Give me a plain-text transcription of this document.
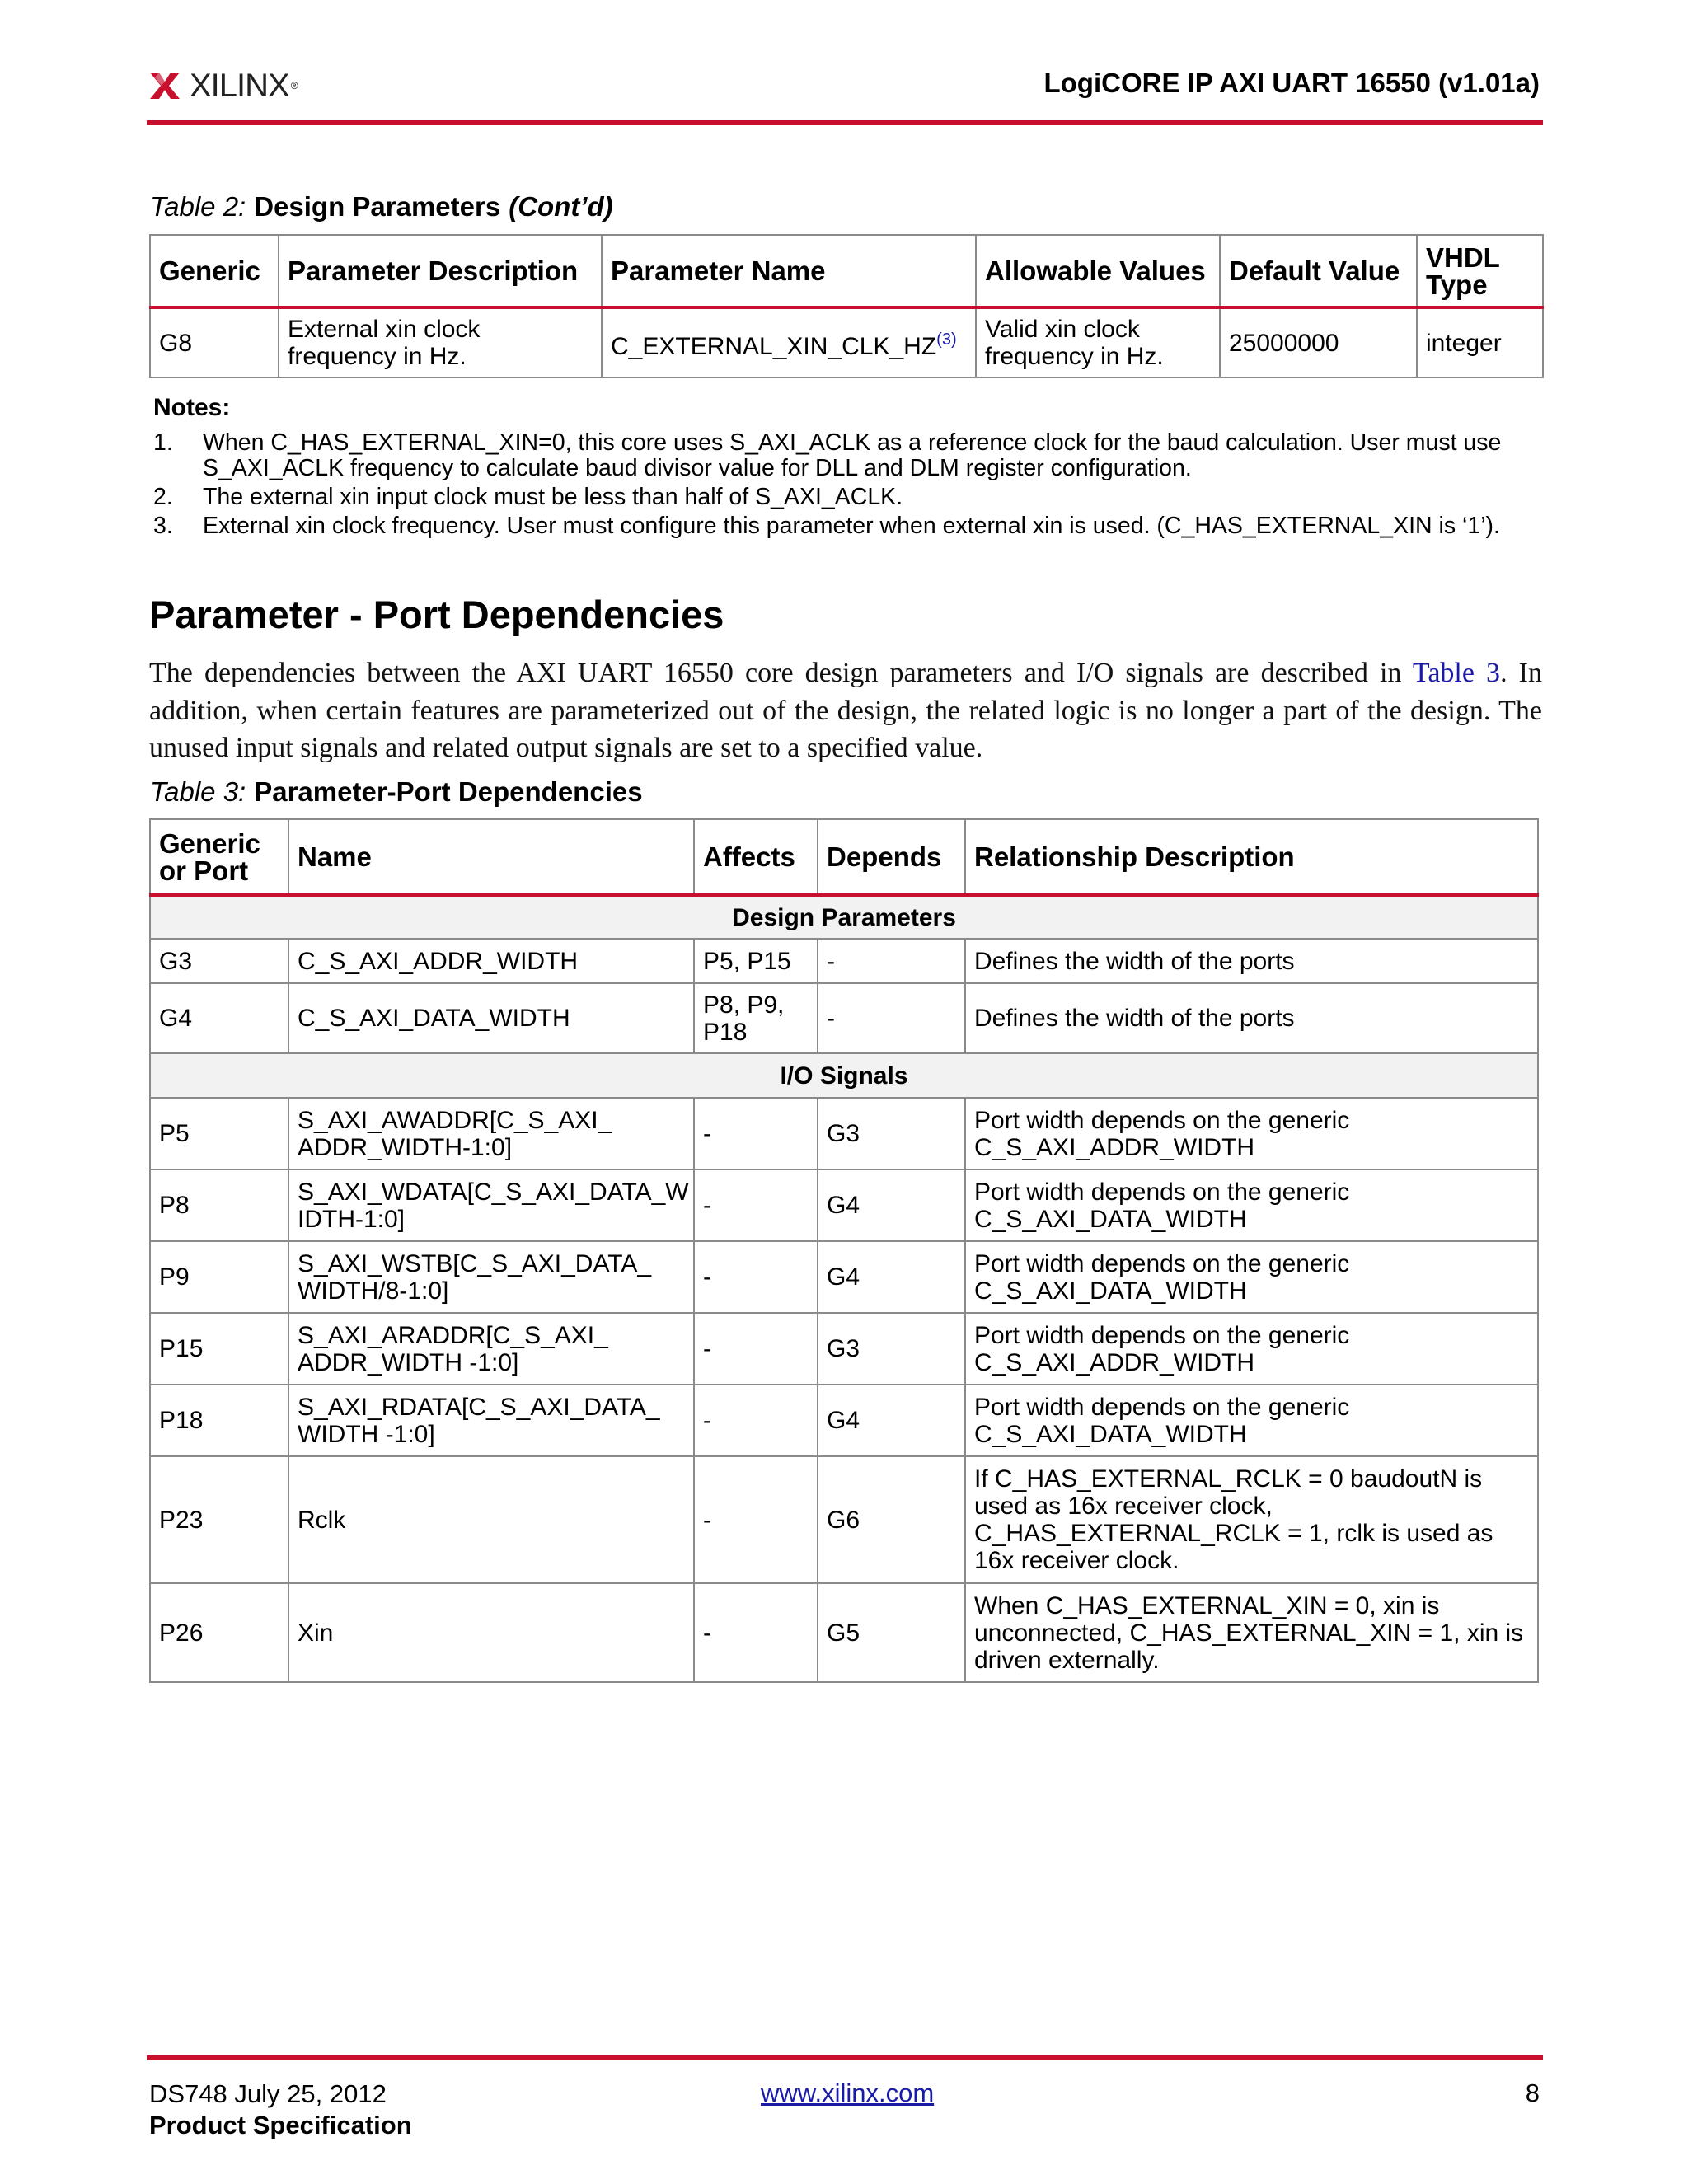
XILINX ®	LogiCORE IP AXI UART 16550 (v1.01a)
Table 2: Design Parameters (Cont’d)
Generic	Parameter Description	Parameter Name	Allowable Values	Default Value	VHDL Type
G8	External xin clock frequency in Hz.	C_EXTERNAL_XIN_CLK_HZ$^{(3)}$	Valid xin clock frequency in Hz.	25000000	integer
Notes:
1.	When C_HAS_EXTERNAL_XIN=0, this core uses S_AXI_ACLK as a reference clock for the baud calculation. User must use S_AXI_ACLK frequency to calculate baud divisor value for DLL and DLM register configuration.
2.	The external xin input clock must be less than half of S_AXI_ACLK.
3.	External xin clock frequency. User must configure this parameter when external xin is used. (C_HAS_EXTERNAL_XIN is ‘1’).
Parameter - Port Dependencies
The dependencies between the AXI UART 16550 core design parameters and I/O signals are described in Table 3. In addition, when certain features are parameterized out of the design, the related logic is no longer a part of the design. The unused input signals and related output signals are set to a specified value.
Table 3: Parameter-Port Dependencies
Generic or Port	Name	Affects	Depends	Relationship Description
Design Parameters				
G3	C_S_AXI_ADDR_WIDTH	P5, P15	-	Defines the width of the ports
G4	C_S_AXI_DATA_WIDTH	P8, P9, P18	-	Defines the width of the ports
I/O Signals				
P5	S_AXI_AWADDR[C_S_AXI_ ADDR_WIDTH-1:0]	-	G3	Port width depends on the generic C_S_AXI_ADDR_WIDTH
P8	S_AXI_WDATA[C_S_AXI_DATA_W IDTH-1:0]	-	G4	Port width depends on the generic C_S_AXI_DATA_WIDTH
P9	S_AXI_WSTB[C_S_AXI_DATA_ WIDTH/8-1:0]	-	G4	Port width depends on the generic C_S_AXI_DATA_WIDTH
P15	S_AXI_ARADDR[C_S_AXI_ ADDR_WIDTH -1:0]	-	G3	Port width depends on the generic C_S_AXI_ADDR_WIDTH
P18	S_AXI_RDATA[C_S_AXI_DATA_ WIDTH -1:0]	-	G4	Port width depends on the generic C_S_AXI_DATA_WIDTH
P23	Rclk	-	G6	If C_HAS_EXTERNAL_RCLK = 0 baudoutN is used as 16x receiver clock, C_HAS_EXTERNAL_RCLK = 1, rclk is used as 16x receiver clock.
P26	Xin	-	G5	When C_HAS_EXTERNAL_XIN = 0, xin is unconnected, C_HAS_EXTERNAL_XIN = 1, xin is driven externally.
DS748 July 25, 2012
Product Specification
www.xilinx.com	8
